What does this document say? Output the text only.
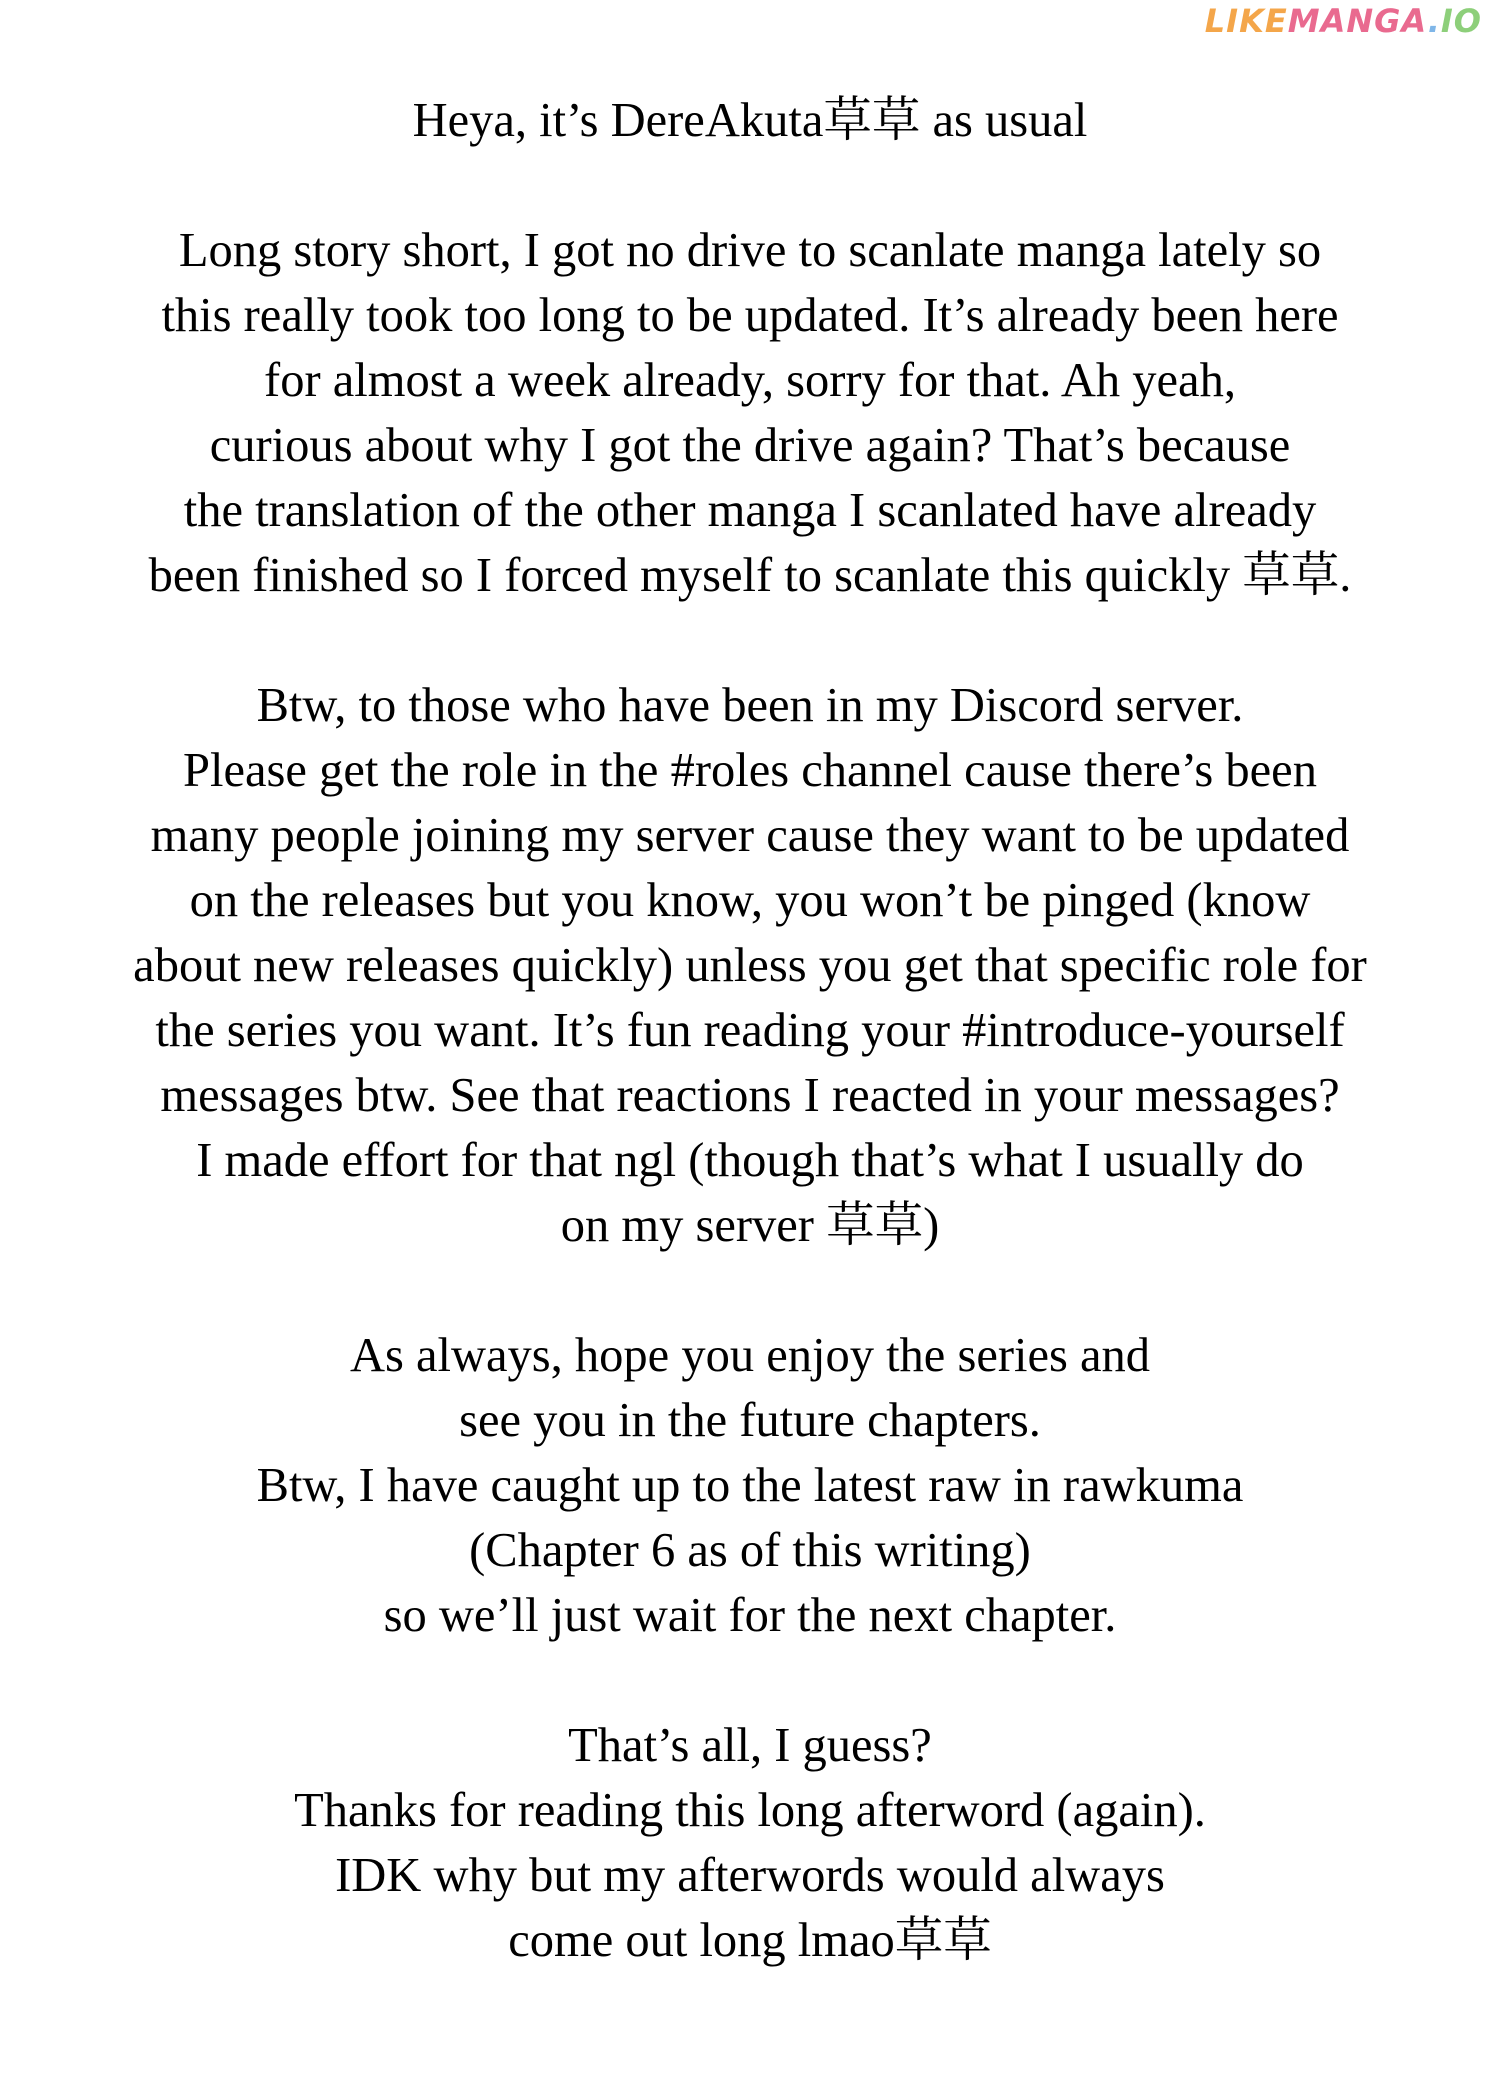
LIKEMANGA.IO
Heya, it’s DereAkuta草草 as usual
Long story short, I got no drive to scanlate manga lately so
this really took too long to be updated. It’s already been here
for almost a week already, sorry for that. Ah yeah,
curious about why I got the drive again? That’s because
the translation of the other manga I scanlated have already
been finished so I forced myself to scanlate this quickly 草草.
Btw, to those who have been in my Discord server.
Please get the role in the #roles channel cause there’s been
many people joining my server cause they want to be updated
on the releases but you know, you won’t be pinged (know
about new releases quickly) unless you get that specific role for
the series you want. It’s fun reading your #introduce-yourself
messages btw. See that reactions I reacted in your messages?
I made effort for that ngl (though that’s what I usually do
on my server 草草)
As always, hope you enjoy the series and
see you in the future chapters.
Btw, I have caught up to the latest raw in rawkuma
(Chapter 6 as of this writing)
so we’ll just wait for the next chapter.
That’s all, I guess?
Thanks for reading this long afterword (again).
IDK why but my afterwords would always
come out long lmao草草
